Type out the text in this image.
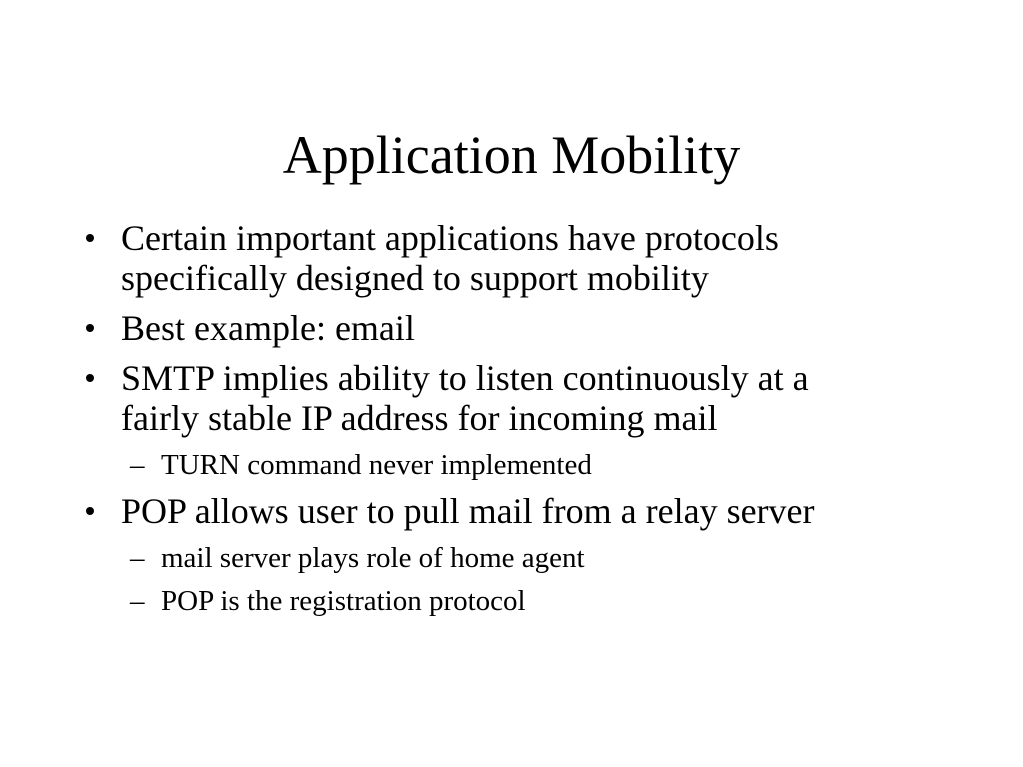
Application Mobility
Certain important applications have protocols
specifically designed to support mobility
Best example: email
SMTP implies ability to listen continuously at a
fairly stable IP address for incoming mail
– TURN command never implemented
POP allows user to pull mail from a relay server
– mail server plays role of home agent
– POP is the registration protocol
